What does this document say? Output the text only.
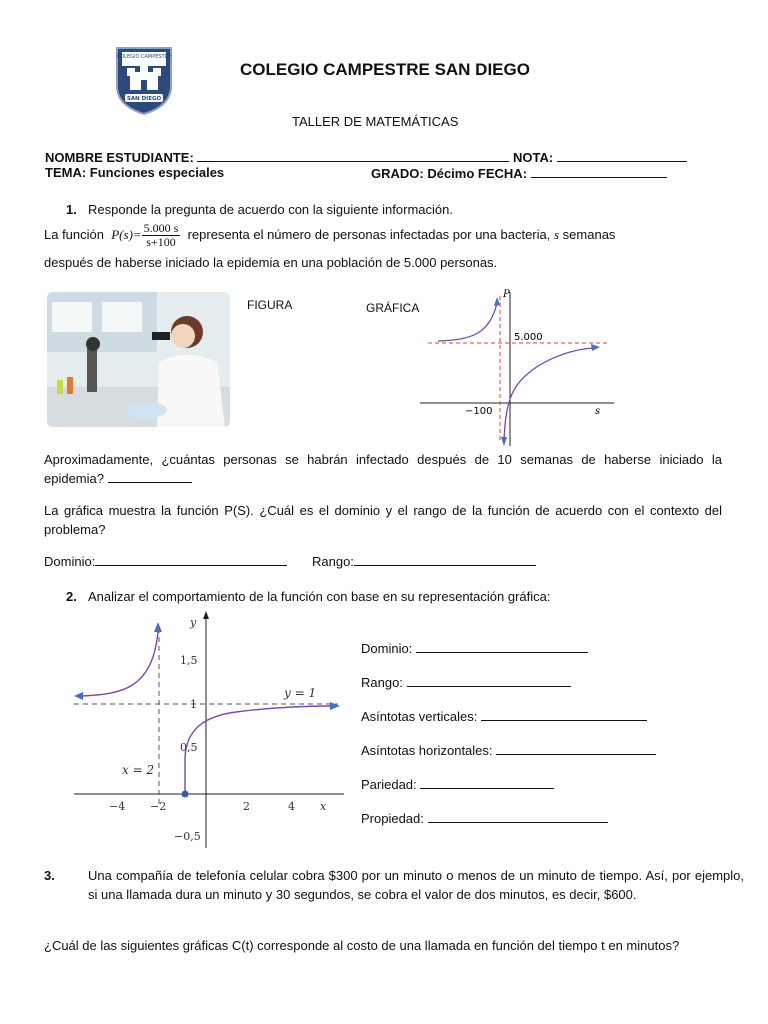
COLEGIO CAMPESTRE
SAN DIEGO
COLEGIO CAMPESTRE SAN DIEGO
TALLER DE MATEMÁTICAS
NOMBRE ESTUDIANTE:	NOTA:
TEMA: Funciones especiales	GRADO: Décimo FECHA:
1. Responde la pregunta de acuerdo con la siguiente información.
La función $P(s)= \frac{5.000 s}{s+100}$ representa el número de personas infectadas por una bacteria, s semanas
después de haberse iniciado la epidemia en una población de 5.000 personas.
FIGURA	GRÁFICA
5.000
−100
P
s
Aproximadamente, ¿cuántas personas se habrán infectado después de 10 semanas de haberse iniciado la epidemia?
La gráfica muestra la función P(S). ¿Cuál es el dominio y el rango de la función de acuerdo con el contexto del problema?
Dominio:	Rango:
2. Analizar el comportamiento de la función con base en su representación gráfica:
1,5
1
0,5
−0,5
−4 −2	2	4 x
y
y = 1
x = 2
Dominio:
Rango:
Asíntotas verticales:
Asíntotas horizontales:
Pariedad:
Propiedad:
3.	Una compañía de telefonía celular cobra $300 por un minuto o menos de un minuto de tiempo. Así, por ejemplo, si una llamada dura un minuto y 30 segundos, se cobra el valor de dos minutos, es decir, $600.
¿Cuál de las siguientes gráficas C(t) corresponde al costo de una llamada en función del tiempo t en minutos?
